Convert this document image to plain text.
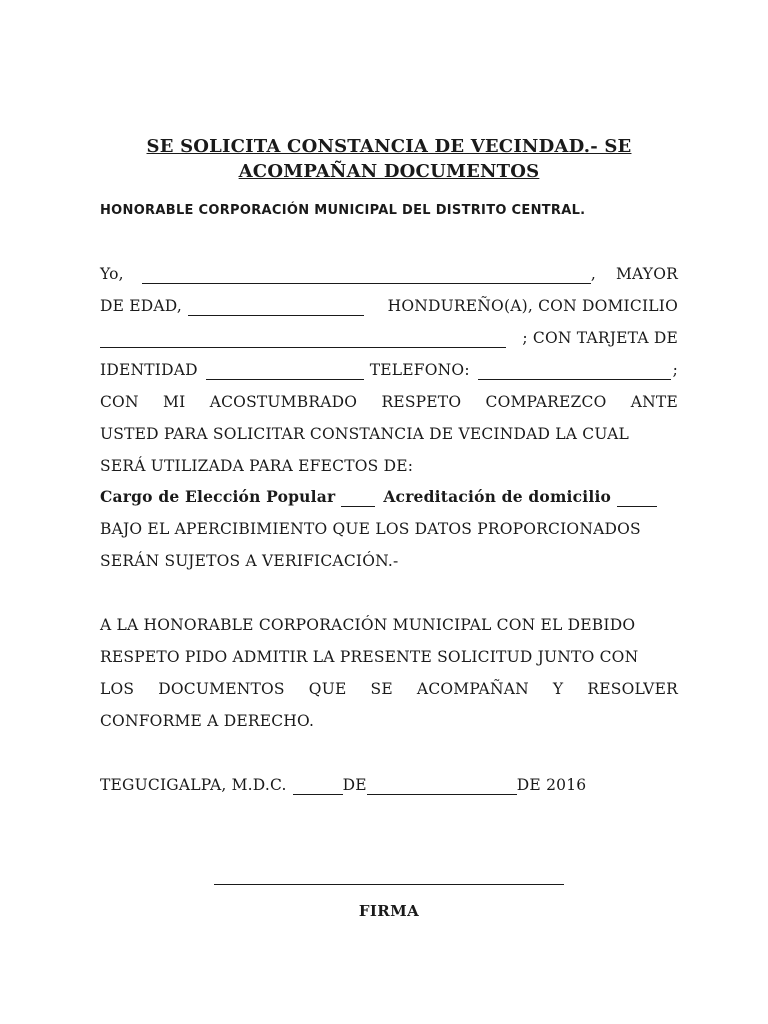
SE SOLICITA CONSTANCIA DE VECINDAD.- SE
ACOMPAÑAN DOCUMENTOS
HONORABLE CORPORACIÓN MUNICIPAL DEL DISTRITO CENTRAL.
Yo,	, MAYOR
DE EDAD,	HONDUREÑO(A), CON DOMICILIO
; CON TARJETA DE
IDENTIDAD	TELEFONO:	;
CON MI ACOSTUMBRADO RESPETO COMPAREZCO ANTE
USTED PARA SOLICITAR CONSTANCIA DE VECINDAD LA CUAL
SERÁ UTILIZADA PARA EFECTOS DE:
Cargo de Elección Popular	Acreditación de domicilio
BAJO EL APERCIBIMIENTO QUE LOS DATOS PROPORCIONADOS
SERÁN SUJETOS A VERIFICACIÓN.-
A LA HONORABLE CORPORACIÓN MUNICIPAL CON EL DEBIDO
RESPETO PIDO ADMITIR LA PRESENTE SOLICITUD JUNTO CON
LOS DOCUMENTOS QUE SE ACOMPAÑAN Y RESOLVER
CONFORME A DERECHO.
TEGUCIGALPA, M.D.C.	DE	DE 2016
FIRMA
